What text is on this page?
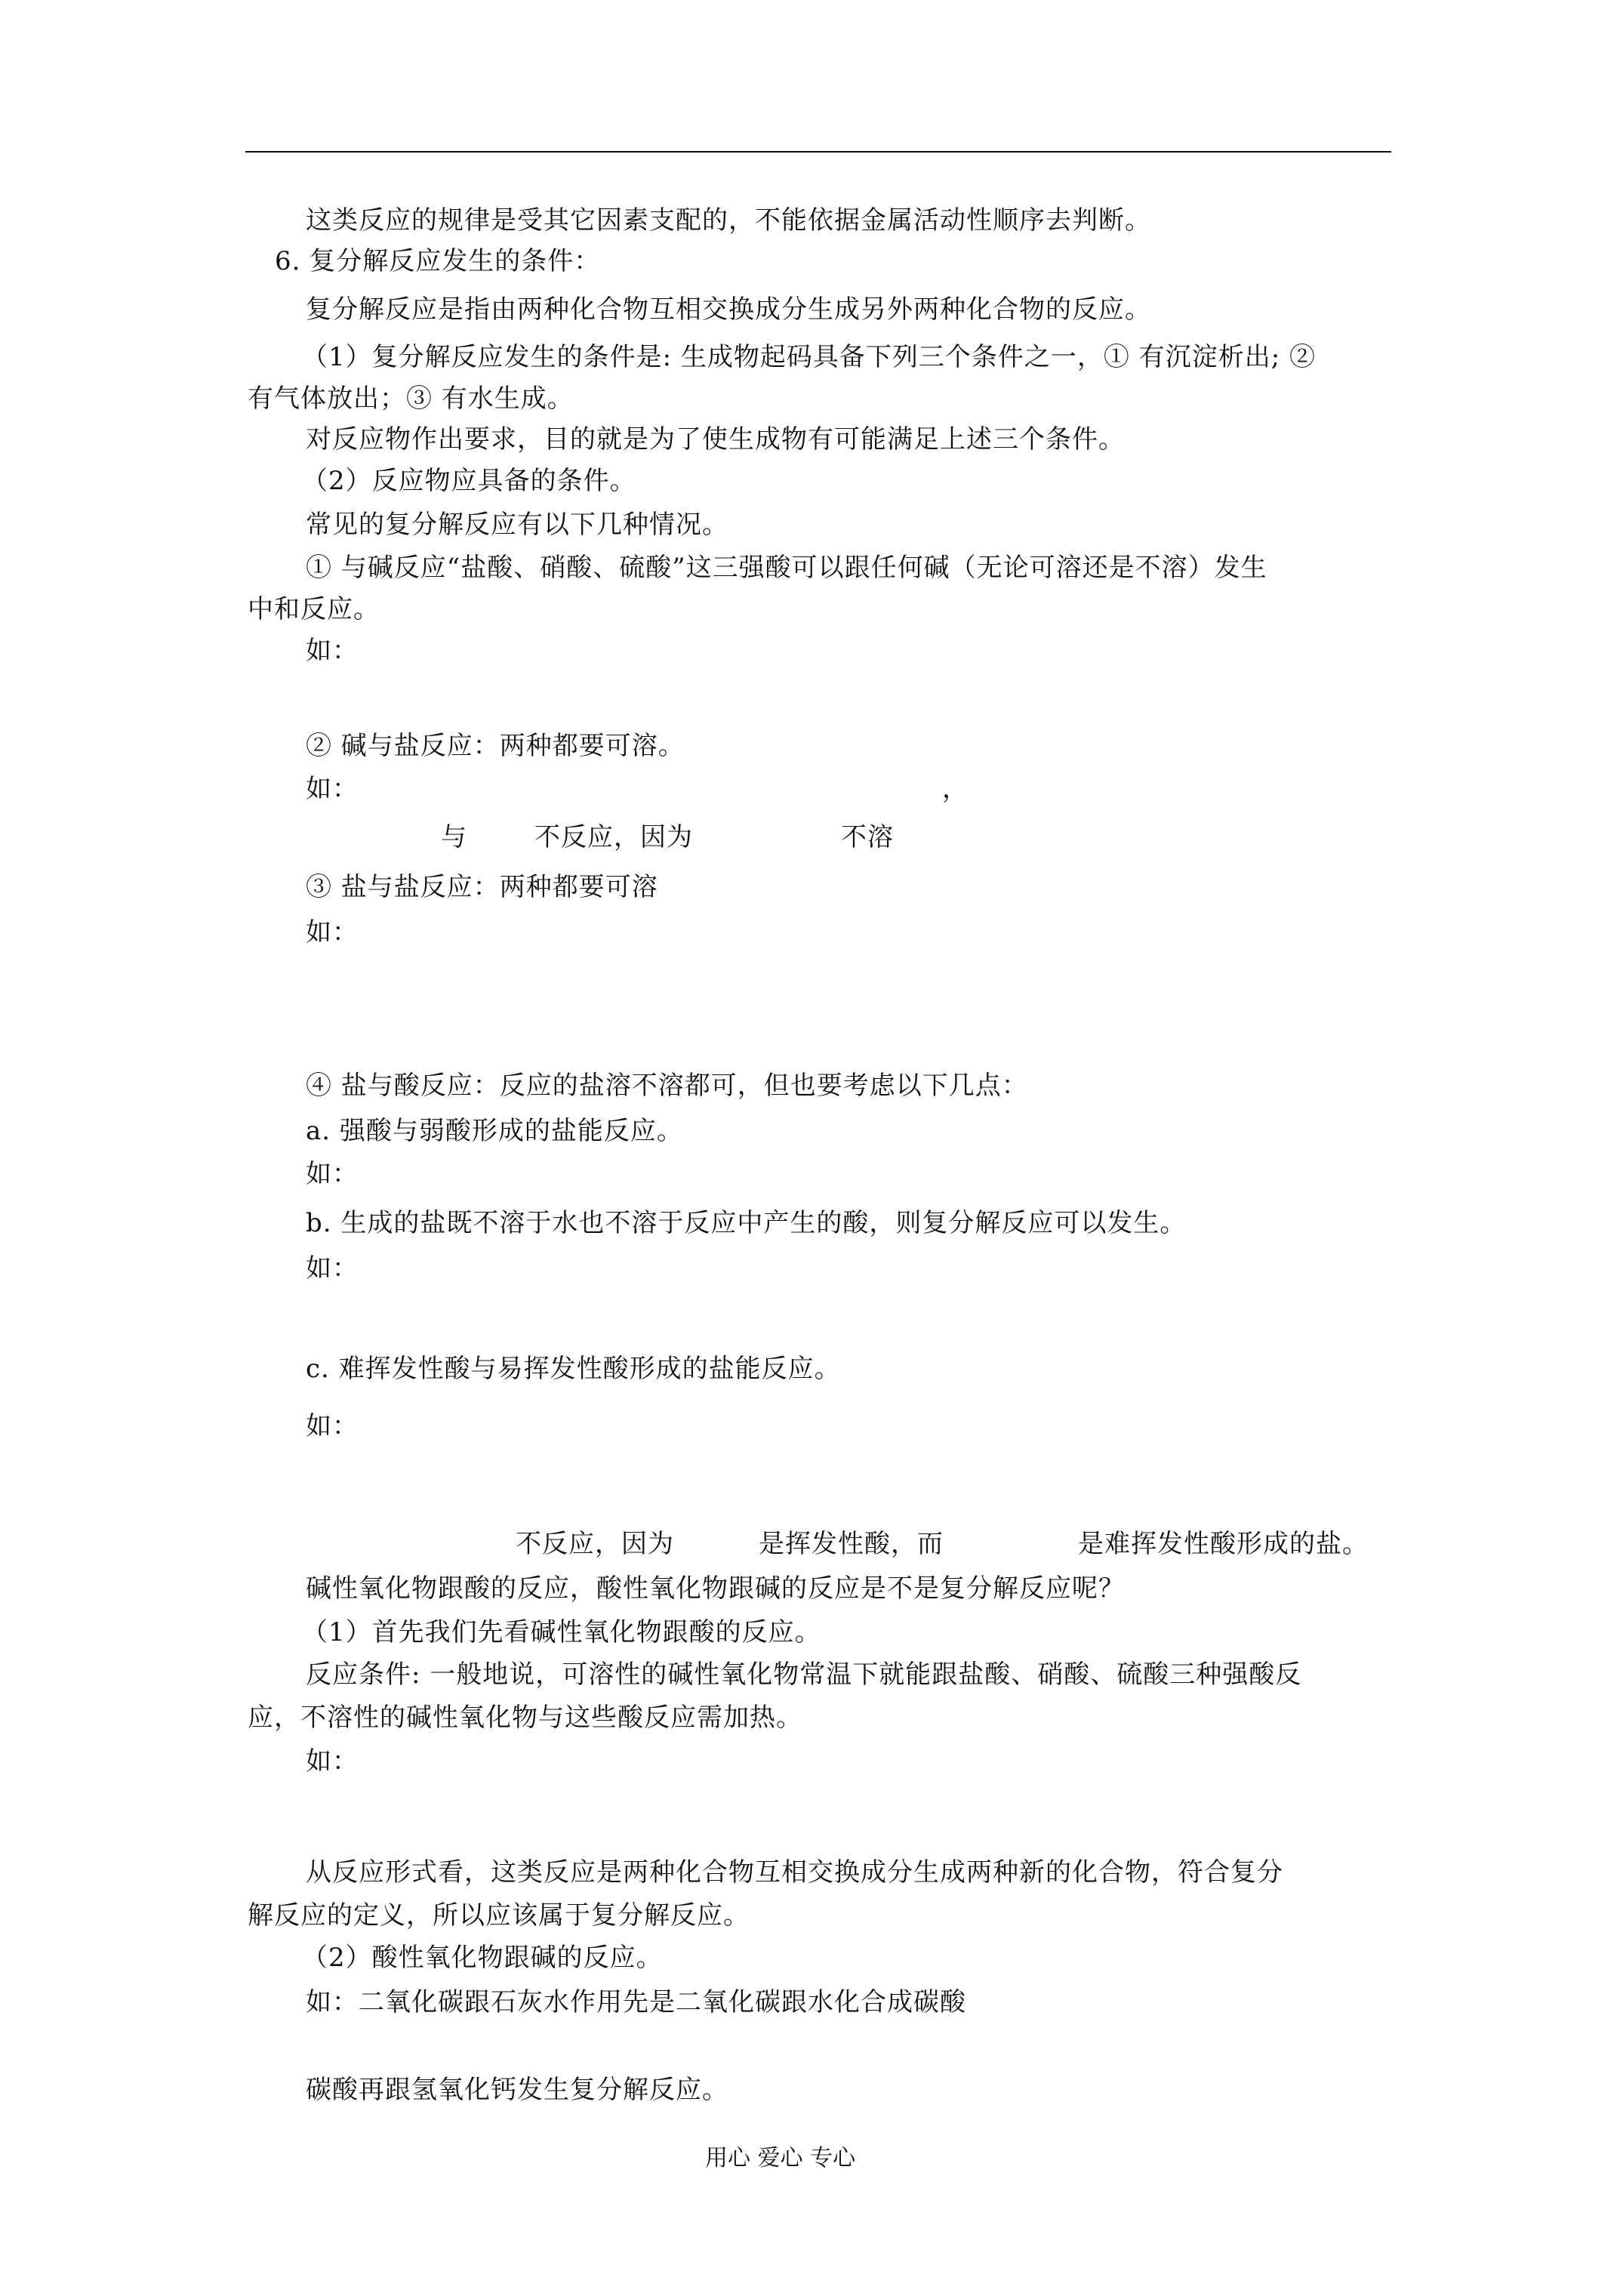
这类反应的规律是受其它因素支配的，不能依据金属活动性顺序去判断。
6. 复分解反应发生的条件：
复分解反应是指由两种化合物互相交换成分生成另外两种化合物的反应。
（1）复分解反应发生的条件是: 生成物起码具备下列三个条件之一，① 有沉淀析出; ②
有气体放出；③ 有水生成。
对反应物作出要求，目的就是为了使生成物有可能满足上述三个条件。
（2）反应物应具备的条件。
常见的复分解反应有以下几种情况。
① 与碱反应“盐酸、硝酸、硫酸”这三强酸可以跟任何碱（无论可溶还是不溶）发生
中和反应。
如：
② 碱与盐反应：两种都要可溶。
如：	，
与	不反应，因为	不溶
③ 盐与盐反应：两种都要可溶
如：
④ 盐与酸反应：反应的盐溶不溶都可，但也要考虑以下几点：
a. 强酸与弱酸形成的盐能反应。
如：
b. 生成的盐既不溶于水也不溶于反应中产生的酸，则复分解反应可以发生。
如：
c. 难挥发性酸与易挥发性酸形成的盐能反应。
如：
不反应，因为	是挥发性酸，而	是难挥发性酸形成的盐。
碱性氧化物跟酸的反应，酸性氧化物跟碱的反应是不是复分解反应呢？
（1）首先我们先看碱性氧化物跟酸的反应。
反应条件: 一般地说，可溶性的碱性氧化物常温下就能跟盐酸、硝酸、硫酸三种强酸反
应，不溶性的碱性氧化物与这些酸反应需加热。
如：
从反应形式看，这类反应是两种化合物互相交换成分生成两种新的化合物，符合复分
解反应的定义，所以应该属于复分解反应。
（2）酸性氧化物跟碱的反应。
如：二氧化碳跟石灰水作用先是二氧化碳跟水化合成碳酸
碳酸再跟氢氧化钙发生复分解反应。
用心 爱心 专心
